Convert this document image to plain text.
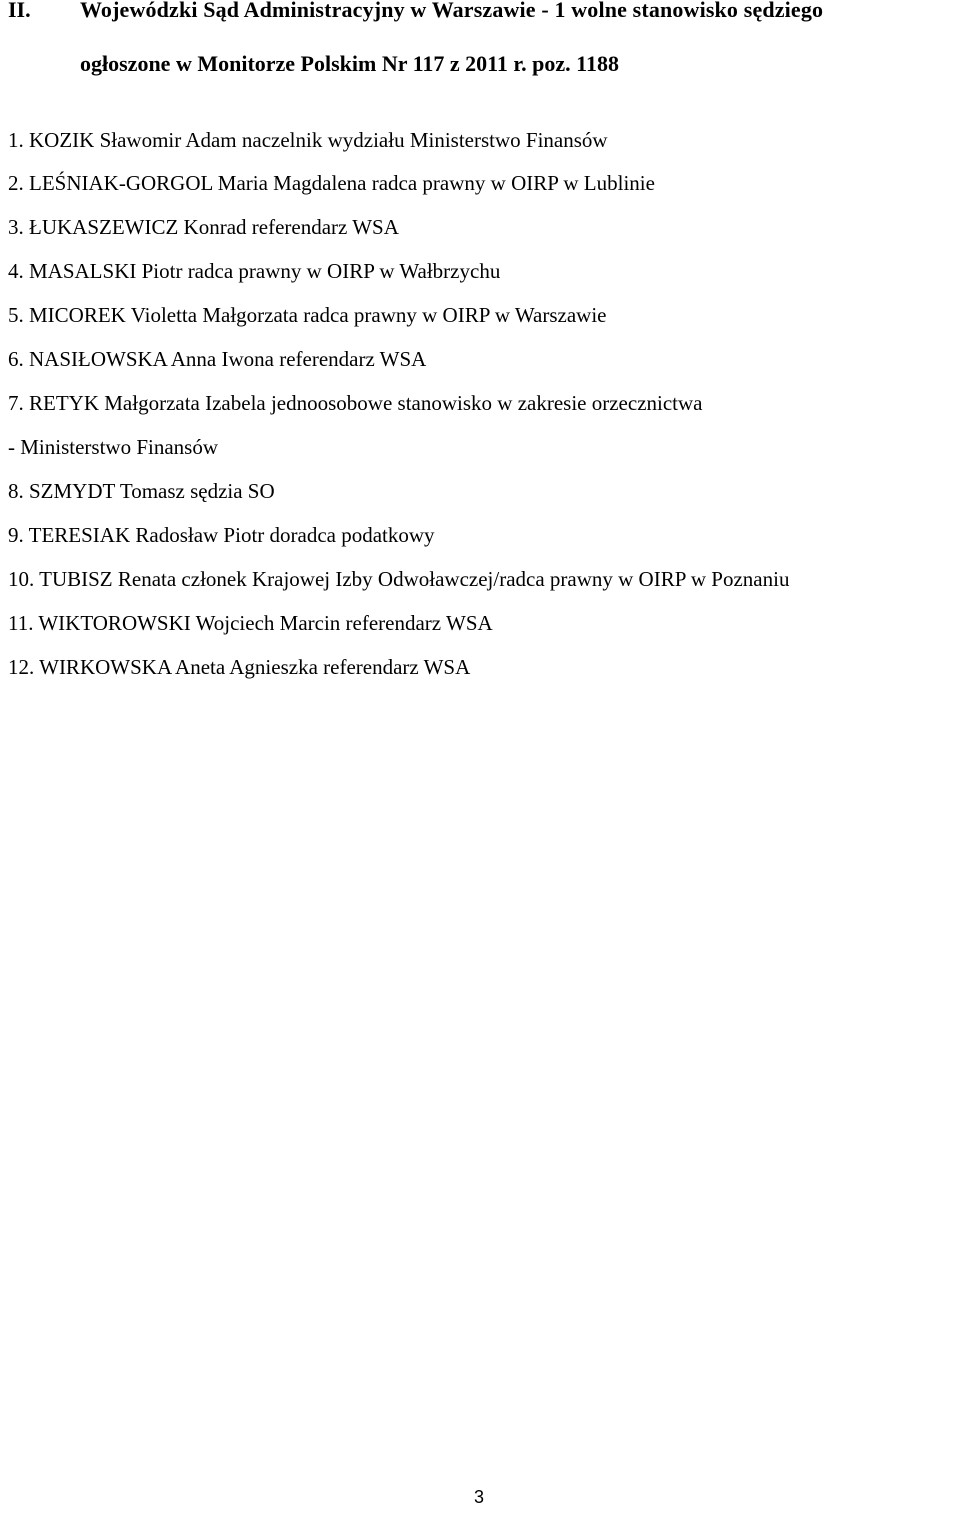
II. Wojewódzki Sąd Administracyjny w Warszawie - 1 wolne stanowisko sędziego
ogłoszone w Monitorze Polskim Nr 117 z 2011 r. poz. 1188
1. KOZIK Sławomir Adam naczelnik wydziału Ministerstwo Finansów
2. LEŚNIAK-GORGOL Maria Magdalena radca prawny w OIRP w Lublinie
3. ŁUKASZEWICZ Konrad referendarz WSA
4. MASALSKI Piotr radca prawny w OIRP w Wałbrzychu
5. MICOREK Violetta Małgorzata radca prawny w OIRP w Warszawie
6. NASIŁOWSKA Anna Iwona referendarz WSA
7. RETYK Małgorzata Izabela jednoosobowe stanowisko w zakresie orzecznictwa
- Ministerstwo Finansów
8. SZMYDT Tomasz sędzia SO
9. TERESIAK Radosław Piotr doradca podatkowy
10. TUBISZ Renata członek Krajowej Izby Odwoławczej/radca prawny w OIRP w Poznaniu
11. WIKTOROWSKI Wojciech Marcin referendarz WSA
12. WIRKOWSKA Aneta Agnieszka referendarz WSA
3
